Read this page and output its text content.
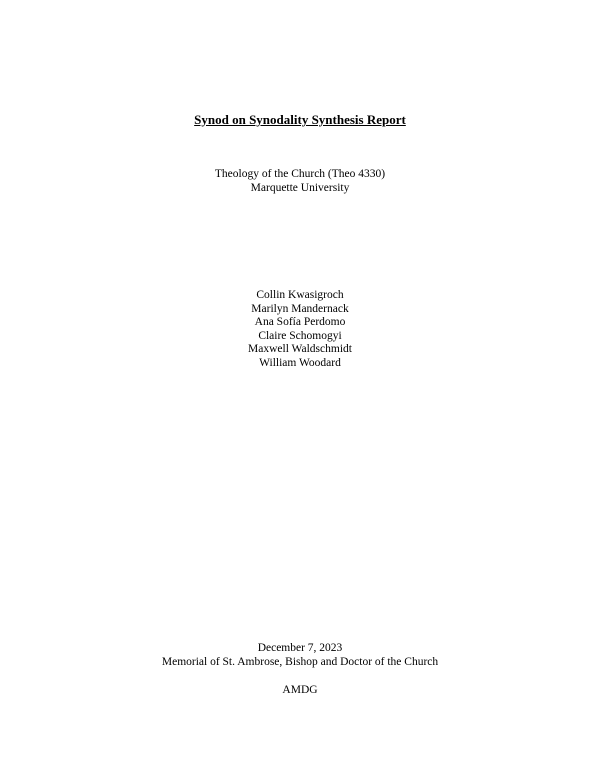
Synod on Synodality Synthesis Report
Theology of the Church (Theo 4330)
Marquette University
Collin Kwasigroch
Marilyn Mandernack
Ana Sofía Perdomo
Claire Schomogyi
Maxwell Waldschmidt
William Woodard
December 7, 2023
Memorial of St. Ambrose, Bishop and Doctor of the Church
AMDG
